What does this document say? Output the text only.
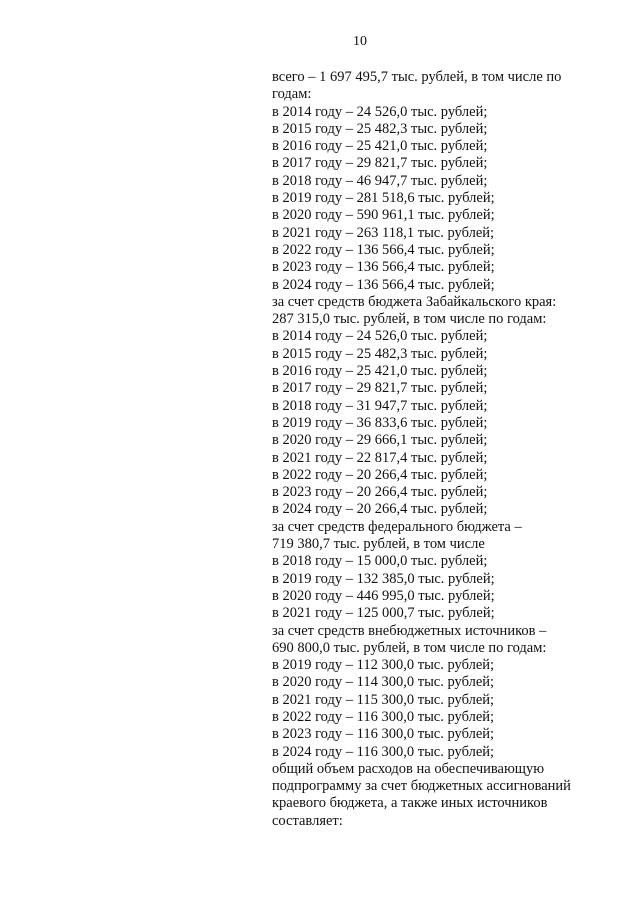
10
всего – 1 697 495,7 тыс. рублей, в том числе по
годам:
в 2014 году – 24 526,0 тыс. рублей;
в 2015 году – 25 482,3 тыс. рублей;
в 2016 году – 25 421,0 тыс. рублей;
в 2017 году – 29 821,7 тыс. рублей;
в 2018 году – 46 947,7 тыс. рублей;
в 2019 году – 281 518,6 тыс. рублей;
в 2020 году – 590 961,1 тыс. рублей;
в 2021 году – 263 118,1 тыс. рублей;
в 2022 году – 136 566,4 тыс. рублей;
в 2023 году – 136 566,4 тыс. рублей;
в 2024 году – 136 566,4 тыс. рублей;
за счет средств бюджета Забайкальского края:
287 315,0 тыс. рублей, в том числе по годам:
в 2014 году – 24 526,0 тыс. рублей;
в 2015 году – 25 482,3 тыс. рублей;
в 2016 году – 25 421,0 тыс. рублей;
в 2017 году – 29 821,7 тыс. рублей;
в 2018 году – 31 947,7 тыс. рублей;
в 2019 году – 36 833,6 тыс. рублей;
в 2020 году – 29 666,1 тыс. рублей;
в 2021 году – 22 817,4 тыс. рублей;
в 2022 году – 20 266,4 тыс. рублей;
в 2023 году – 20 266,4 тыс. рублей;
в 2024 году – 20 266,4 тыс. рублей;
за счет средств федерального бюджета –
719 380,7 тыс. рублей, в том числе
в 2018 году – 15 000,0 тыс. рублей;
в 2019 году – 132 385,0 тыс. рублей;
в 2020 году – 446 995,0 тыс. рублей;
в 2021 году – 125 000,7 тыс. рублей;
за счет средств внебюджетных источников –
690 800,0 тыс. рублей, в том числе по годам:
в 2019 году – 112 300,0 тыс. рублей;
в 2020 году – 114 300,0 тыс. рублей;
в 2021 году – 115 300,0 тыс. рублей;
в 2022 году – 116 300,0 тыс. рублей;
в 2023 году – 116 300,0 тыс. рублей;
в 2024 году – 116 300,0 тыс. рублей;
общий объем расходов на обеспечивающую
подпрограмму за счет бюджетных ассигнований
краевого бюджета, а также иных источников
составляет:
